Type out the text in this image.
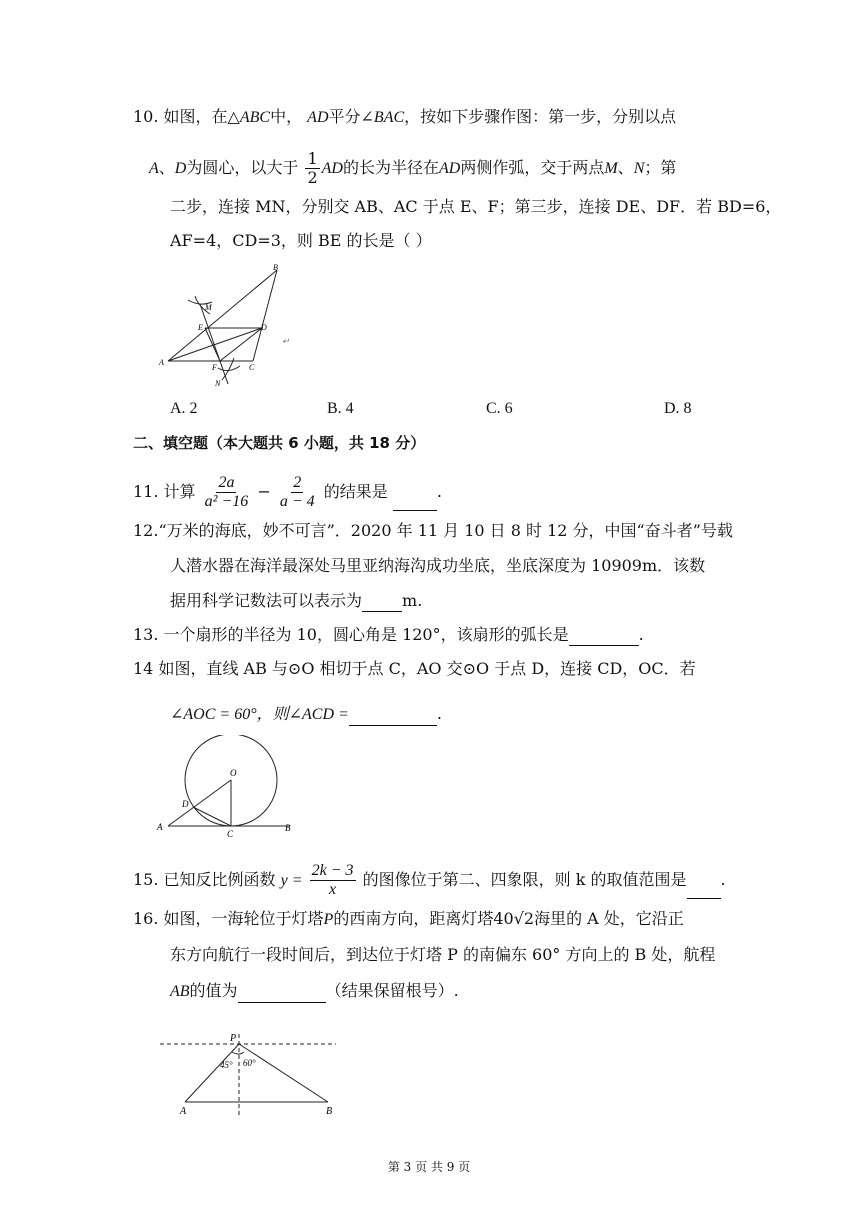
10. 如图，在△ABC中， AD平分∠BAC，按如下步骤作图：第一步，分别以点
A、D为圆心，以大于 $\frac{1}{2}$ AD的长为半径在AD两侧作弧，交于两点M、N；第
二步，连接 MN，分别交 AB、AC 于点 E、F；第三步，连接 DE、DF．若 BD=6，
AF=4，CD=3，则 BE 的长是（ ）
B
M
E	D
A
F	C
N
↵
A. 2	B. 4	C. 6	D. 8
二、填空题（本大题共 6 小题，共 18 分）
11. 计算 $\frac{2a}{\text{a² −16}} - \frac{2}{a - 4}$ 的结果是	.
12.“万米的海底，妙不可言”．2020 年 11 月 10 日 8 时 12 分，中国“奋斗者”号载
人潜水器在海洋最深处马里亚纳海沟成功坐底，坐底深度为 10909m．该数
据用科学记数法可以表示为	m.
13. 一个扇形的半径为 10，圆心角是 120°，该扇形的弧长是	.
14 如图，直线 AB 与⊙O 相切于点 C，AO 交⊙O 于点 D，连接 CD，OC．若
∠AOC = 60°，则∠ACD =	.
O
D
A
C
B
15. 已知反比例函数 $y = \frac{2k - 3}{x}$ 的图像位于第二、四象限，则 k 的取值范围是 .
16. 如图，一海轮位于灯塔P的西南方向，距离灯塔40√2海里的 A 处，它沿正
东方向航行一段时间后，到达位于灯塔 P 的南偏东 60° 方向上的 B 处，航程
AB的值为	（结果保留根号）.
P
45° 60°
A	B
第 3 页 共 9 页
